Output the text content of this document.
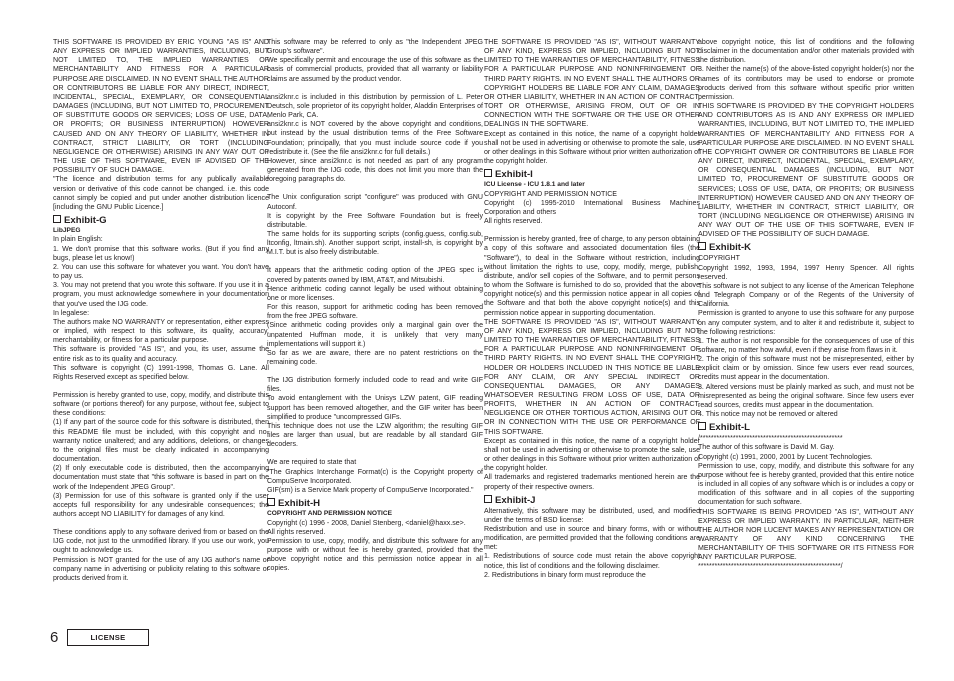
THIS SOFTWARE IS PROVIDED BY ERIC YOUNG "AS IS" AND ANY EXPRESS OR IMPLIED WARRANTIES, INCLUDING, BUT NOT LIMITED TO, THE IMPLIED WARRANTIES OF MERCHANTABILITY AND FITNESS FOR A PARTICULAR PURPOSE ARE DISCLAIMED. IN NO EVENT SHALL THE AUTHOR OR CONTRIBUTORS BE LIABLE FOR ANY DIRECT, INDIRECT, INCIDENTAL, SPECIAL, EXEMPLARY, OR CONSEQUENTIAL DAMAGES (INCLUDING, BUT NOT LIMITED TO, PROCUREMENT OF SUBSTITUTE GOODS OR SERVICES; LOSS OF USE, DATA, OR PROFITS; OR BUSINESS INTERRUPTION) HOWEVER CAUSED AND ON ANY THEORY OF LIABILITY, WHETHER IN CONTRACT, STRICT LIABILITY, OR TORT (INCLUDING NEGLIGENCE OR OTHERWISE) ARISING IN ANY WAY OUT OF THE USE OF THIS SOFTWARE, EVEN IF ADVISED OF THE POSSIBILITY OF SUCH DAMAGE.

"The licence and distribution terms for any publically available version or derivative of this code cannot be changed. i.e. this code cannot simply be copied and put under another distribution licence [including the GNU Public Licence.]

Exhibit-G

LibJPEG

In plain English:
1. We don't promise that this software works. (But if you find any bugs, please let us know!)
2. You can use this software for whatever you want. You don't have to pay us.
3. You may not pretend that you wrote this software. If you use it in a program, you must acknowledge somewhere in your documentation that you've used the IJG code.
In legalese:
The authors make NO WARRANTY or representation, either express or implied, with respect to this software, its quality, accuracy, merchantability, or fitness for a particular purpose.
This software is provided "AS IS", and you, its user, assume the entire risk as to its quality and accuracy.
This software is copyright (C) 1991-1998, Thomas G. Lane. All Rights Reserved except as specified below.

Permission is hereby granted to use, copy, modify, and distribute this software (or portions thereof) for any purpose, without fee, subject to these conditions:
(1) If any part of the source code for this software is distributed, then this README file must be included, with this copyright and no-warranty notice unaltered; and any additions, deletions, or changes to the original files must be clearly indicated in accompanying documentation.
(2) If only executable code is distributed, then the accompanying documentation must state that "this software is based in part on the work of the Independent JPEG Group".
(3) Permission for use of this software is granted only if the user accepts full responsibility for any undesirable consequences; the authors accept NO LIABILITY for damages of any kind.

These conditions apply to any software derived from or based on the IJG code, not just to the unmodified library. If you use our work, you ought to acknowledge us.
Permission is NOT granted for the use of any IJG author's name or company name in advertising or publicity relating to this software or products derived from it.

This software may be referred to only as "the Independent JPEG Group's software".
We specifically permit and encourage the use of this software as the basis of commercial products, provided that all warranty or liability claims are assumed by the product vendor.

ansi2knr.c is included in this distribution by permission of L. Peter Deutsch, sole proprietor of its copyright holder, Aladdin Enterprises of Menlo Park, CA.
ansi2knr.c is NOT covered by the above copyright and conditions, but instead by the usual distribution terms of the Free Software Foundation; principally, that you must include source code if you redistribute it. (See the file ansi2knr.c for full details.)
However, since ansi2knr.c is not needed as part of any program generated from the IJG code, this does not limit you more than the foregoing paragraphs do.

The Unix configuration script "configure" was produced with GNU Autoconf.
It is copyright by the Free Software Foundation but is freely distributable.
The same holds for its supporting scripts (config.guess, config.sub, ltconfig, ltmain.sh). Another support script, install-sh, is copyright by M.I.T. but is also freely distributable.

It appears that the arithmetic coding option of the JPEG spec is covered by patents owned by IBM, AT&T, and Mitsubishi.
Hence arithmetic coding cannot legally be used without obtaining one or more licenses.
For this reason, support for arithmetic coding has been removed from the free JPEG software.
(Since arithmetic coding provides only a marginal gain over the unpatented Huffman mode, it is unlikely that very many implementations will support it.)
So far as we are aware, there are no patent restrictions on the remaining code.

The IJG distribution formerly included code to read and write GIF files.
To avoid entanglement with the Unisys LZW patent, GIF reading support has been removed altogether, and the GIF writer has been simplified to produce "uncompressed GIFs.
This technique does not use the LZW algorithm; the resulting GIF files are larger than usual, but are readable by all standard GIF decoders.

We are required to state that
"The Graphics Interchange Format(c) is the Copyright property of CompuServe Incorporated.
GIF(sm) is a Service Mark property of CompuServe Incorporated."

Exhibit-H

COPYRIGHT AND PERMISSION NOTICE

Copyright (c) 1996 - 2008, Daniel Stenberg, <daniel@haxx.se>.
All rights reserved.
Permission to use, copy, modify, and distribute this software for any purpose with or without fee is hereby granted, provided that the above copyright notice and this permission notice appear in all copies.

THE SOFTWARE IS PROVIDED "AS IS", WITHOUT WARRANTY OF ANY KIND, EXPRESS OR IMPLIED, INCLUDING BUT NOT LIMITED TO THE WARRANTIES OF MERCHANTABILITY, FITNESS FOR A PARTICULAR PURPOSE AND NONINFRINGEMENT OF THIRD PARTY RIGHTS. IN NO EVENT SHALL THE AUTHORS OR COPYRIGHT HOLDERS BE LIABLE FOR ANY CLAIM, DAMAGES OR OTHER LIABILITY, WHETHER IN AN ACTION OF CONTRACT, TORT OR OTHERWISE, ARISING FROM, OUT OF OR IN CONNECTION WITH THE SOFTWARE OR THE USE OR OTHER DEALINGS IN THE SOFTWARE.
Except as contained in this notice, the name of a copyright holder shall not be used in advertising or otherwise to promote the sale, use or other dealings in this Software without prior written authorization of the copyright holder.

Exhibit-I

ICU License - ICU 1.8.1 and later

COPYRIGHT AND PERMISSION NOTICE
Copyright (c) 1995-2010 International Business Machines Corporation and others
All rights reserved.

Permission is hereby granted, free of charge, to any person obtaining a copy of this software and associated documentation files (the "Software"), to deal in the Software without restriction, including without limitation the rights to use, copy, modify, merge, publish, distribute, and/or sell copies of the Software, and to permit persons to whom the Software is furnished to do so, provided that the above copyright notice(s) and this permission notice appear in all copies of the Software and that both the above copyright notice(s) and this permission notice appear in supporting documentation.
THE SOFTWARE IS PROVIDED "AS IS", WITHOUT WARRANTY OF ANY KIND, EXPRESS OR IMPLIED, INCLUDING BUT NOT LIMITED TO THE WARRANTIES OF MERCHANTABILITY, FITNESS FOR A PARTICULAR PURPOSE AND NONINFRINGEMENT OF THIRD PARTY RIGHTS. IN NO EVENT SHALL THE COPYRIGHT HOLDER OR HOLDERS INCLUDED IN THIS NOTICE BE LIABLE FOR ANY CLAIM, OR ANY SPECIAL INDIRECT OR CONSEQUENTIAL DAMAGES, OR ANY DAMAGES WHATSOEVER RESULTING FROM LOSS OF USE, DATA OR PROFITS, WHETHER IN AN ACTION OF CONTRACT, NEGLIGENCE OR OTHER TORTIOUS ACTION, ARISING OUT OF OR IN CONNECTION WITH THE USE OR PERFORMANCE OF THIS SOFTWARE.
Except as contained in this notice, the name of a copyright holder shall not be used in advertising or otherwise to promote the sale, use or other dealings in this Software without prior written authorization of the copyright holder.
All trademarks and registered trademarks mentioned herein are the property of their respective owners.

Exhibit-J

Alternatively, this software may be distributed, used, and modified under the terms of BSD license:
Redistribution and use in source and binary forms, with or without modification, are permitted provided that the following conditions are met:
1. Redistributions of source code must retain the above copyright notice, this list of conditions and the following disclaimer.
2. Redistributions in binary form must reproduce the

above copyright notice, this list of conditions and the following disclaimer in the documentation and/or other materials provided with the distribution.
3. Neither the name(s) of the above-listed copyright holder(s) nor the names of its contributors may be used to endorse or promote products derived from this software without specific prior written permission.
THIS SOFTWARE IS PROVIDED BY THE COPYRIGHT HOLDERS AND CONTRIBUTORS AS IS AND ANY EXPRESS OR IMPLIED WARRANTIES, INCLUDING, BUT NOT LIMITED TO, THE IMPLIED WARRANTIES OF MERCHANTABILITY AND FITNESS FOR A PARTICULAR PURPOSE ARE DISCLAIMED. IN NO EVENT SHALL THE COPYRIGHT OWNER OR CONTRIBUTORS BE LIABLE FOR ANY DIRECT, INDIRECT, INCIDENTAL, SPECIAL, EXEMPLARY, OR CONSEQUENTIAL DAMAGES (INCLUDING, BUT NOT LIMITED TO, PROCUREMENT OF SUBSTITUTE GOODS OR SERVICES; LOSS OF USE, DATA, OR PROFITS; OR BUSINESS INTERRUPTION) HOWEVER CAUSED AND ON ANY THEORY OF LIABILITY, WHETHER IN CONTRACT, STRICT LIABILITY, OR TORT (INCLUDING NEGLIGENCE OR OTHERWISE) ARISING IN ANY WAY OUT OF THE USE OF THIS SOFTWARE, EVEN IF ADVISED OF THE POSSIBILITY OF SUCH DAMAGE.

Exhibit-K

COPYRIGHT
Copyright 1992, 1993, 1994, 1997 Henry Spencer. All rights reserved.
This software is not subject to any license of the American Telephone and Telegraph Company or of the Regents of the University of California.
Permission is granted to anyone to use this software for any purpose on any computer system, and to alter it and redistribute it, subject to the following restrictions:
1. The author is not responsible for the consequences of use of this software, no matter how awful, even if they arise from flaws in it.
2. The origin of this software must not be misrepresented, either by explicit claim or by omission. Since few users ever read sources, credits must appear in the documentation.
3. Altered versions must be plainly marked as such, and must not be misrepresented as being the original software. Since few users ever read sources, credits must appear in the documentation.
4. This notice may not be removed or altered

Exhibit-L

/****************************************************
The author of this software is David M. Gay.
Copyright (c) 1991, 2000, 2001 by Lucent Technologies.
Permission to use, copy, modify, and distribute this software for any purpose without fee is hereby granted, provided that this entire notice is included in all copies of any software which is or includes a copy or modification of this software and in all copies of the supporting documentation for such software.
THIS SOFTWARE IS BEING PROVIDED "AS IS", WITHOUT ANY EXPRESS OR IMPLIED WARRANTY. IN PARTICULAR, NEITHER THE AUTHOR NOR LUCENT MAKES ANY REPRESENTATION OR WARRANTY OF ANY KIND CONCERNING THE MERCHANTABILITY OF THIS SOFTWARE OR ITS FITNESS FOR ANY PARTICULAR PURPOSE.
****************************************************/

6	LICENSE
